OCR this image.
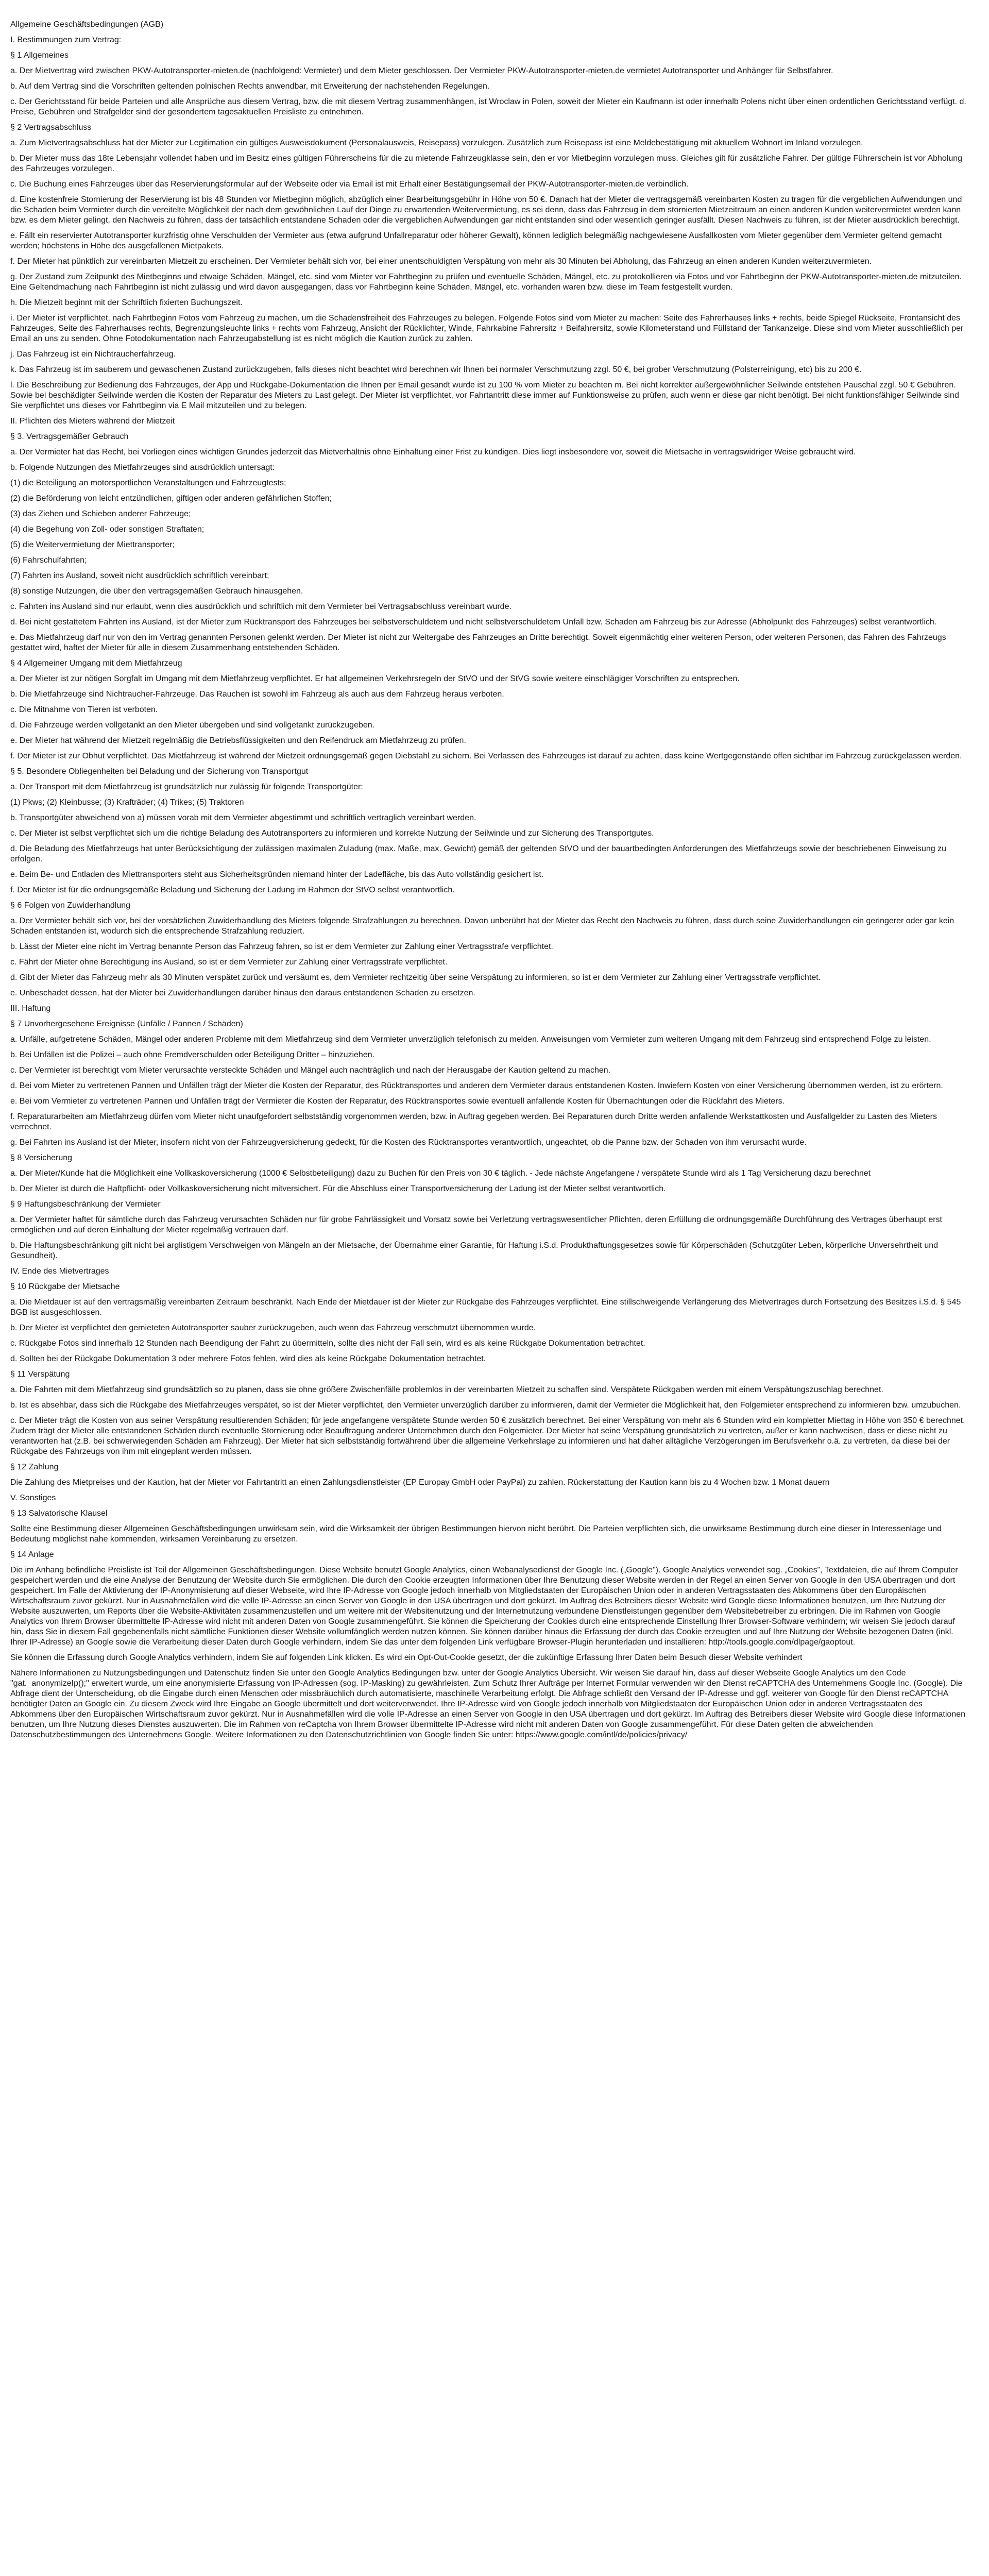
Allgemeine Geschäftsbedingungen (AGB)

I. Bestimmungen zum Vertrag:

§ 1 Allgemeines

a. Der Mietvertrag wird zwischen PKW-Autotransporter-mieten.de (nachfolgend: Vermieter) und dem Mieter geschlossen. Der Vermieter PKW-Autotransporter-mieten.de vermietet Autotransporter und Anhänger für Selbstfahrer.

b. Auf dem Vertrag sind die Vorschriften geltenden polnischen Rechts anwendbar, mit Erweiterung der nachstehenden Regelungen.

c. Der Gerichtsstand für beide Parteien und alle Ansprüche aus diesem Vertrag, bzw. die mit diesem Vertrag zusammenhängen, ist Wroclaw in Polen, soweit der Mieter ein Kaufmann ist oder innerhalb Polens nicht über einen ordentlichen Gerichtsstand verfügt. d. Preise, Gebühren und Strafgelder sind der gesondertem tagesaktuellen Preisliste zu entnehmen.

§ 2 Vertragsabschluss

a. Zum Mietvertragsabschluss hat der Mieter zur Legitimation ein gültiges Ausweisdokument (Personalausweis, Reisepass) vorzulegen. Zusätzlich zum Reisepass ist eine Meldebestätigung mit aktuellem Wohnort im Inland vorzulegen.

b. Der Mieter muss das 18te Lebensjahr vollendet haben und im Besitz eines gültigen Führerscheins für die zu mietende Fahrzeugklasse sein, den er vor Mietbeginn vorzulegen muss. Gleiches gilt für zusätzliche Fahrer. Der gültige Führerschein ist vor Abholung des Fahrzeuges vorzulegen.

c. Die Buchung eines Fahrzeuges über das Reservierungsformular auf der Webseite oder via Email ist mit Erhalt einer Bestätigungsemail der PKW-Autotransporter-mieten.de verbindlich.

d. Eine kostenfreie Stornierung der Reservierung ist bis 48 Stunden vor Mietbeginn möglich, abzüglich einer Bearbeitungsgebühr in Höhe von 50 €. Danach hat der Mieter die vertragsgemäß vereinbarten Kosten zu tragen für die vergeblichen Aufwendungen und die Schaden beim Vermieter durch die vereitelte Möglichkeit der nach dem gewöhnlichen Lauf der Dinge zu erwartenden Weitervermietung, es sei denn, dass das Fahrzeug in dem stornierten Mietzeitraum an einen anderen Kunden weitervermietet werden kann bzw. es dem Mieter gelingt, den Nachweis zu führen, dass der tatsächlich entstandene Schaden oder die vergeblichen Aufwendungen gar nicht entstanden sind oder wesentlich geringer ausfällt. Diesen Nachweis zu führen, ist der Mieter ausdrücklich berechtigt.

e. Fällt ein reservierter Autotransporter kurzfristig ohne Verschulden der Vermieter aus (etwa aufgrund Unfallreparatur oder höherer Gewalt), können lediglich belegmäßig nachgewiesene Ausfallkosten vom Mieter gegenüber dem Vermieter geltend gemacht werden; höchstens in Höhe des ausgefallenen Mietpakets.

f. Der Mieter hat pünktlich zur vereinbarten Mietzeit zu erscheinen. Der Vermieter behält sich vor, bei einer unentschuldigten Verspätung von mehr als 30 Minuten bei Abholung, das Fahrzeug an einen anderen Kunden weiterzuvermieten.

g. Der Zustand zum Zeitpunkt des Mietbeginns und etwaige Schäden, Mängel, etc. sind vom Mieter vor Fahrtbeginn zu prüfen und eventuelle Schäden, Mängel, etc. zu protokollieren via Fotos und vor Fahrtbeginn der PKW-Autotransporter-mieten.de mitzuteilen. Eine Geltendmachung nach Fahrtbeginn ist nicht zulässig und wird davon ausgegangen, dass vor Fahrtbeginn keine Schäden, Mängel, etc. vorhanden waren bzw. diese im Team festgestellt wurden.

h. Die Mietzeit beginnt mit der Schriftlich fixierten Buchungszeit.

i. Der Mieter ist verpflichtet, nach Fahrtbeginn Fotos vom Fahrzeug zu machen, um die Schadensfreiheit des Fahrzeuges zu belegen. Folgende Fotos sind vom Mieter zu machen: Seite des Fahrerhauses links + rechts, beide Spiegel Rückseite, Frontansicht des Fahrzeuges, Seite des Fahrerhauses rechts, Begrenzungsleuchte links + rechts vom Fahrzeug, Ansicht der Rücklichter, Winde, Fahrkabine Fahrersitz + Beifahrersitz, sowie Kilometerstand und Füllstand der Tankanzeige. Diese sind vom Mieter ausschließlich per Email an uns zu senden. Ohne Fotodokumentation nach Fahrzeugabstellung ist es nicht möglich die Kaution zurück zu zahlen.

j. Das Fahrzeug ist ein Nichtraucherfahrzeug.

k. Das Fahrzeug ist im sauberem und gewaschenen Zustand zurückzugeben, falls dieses nicht beachtet wird berechnen wir Ihnen bei normaler Verschmutzung zzgl. 50 €, bei grober Verschmutzung (Polsterreinigung, etc) bis zu 200 €.

l. Die Beschreibung zur Bedienung des Fahrzeuges, der App und Rückgabe-Dokumentation die Ihnen per Email gesandt wurde ist zu 100 % vom Mieter zu beachten m. Bei nicht korrekter außergewöhnlicher Seilwinde entstehen Pauschal zzgl. 50 € Gebühren. Sowie bei beschädigter Seilwinde werden die Kosten der Reparatur des Mieters zu Last gelegt. Der Mieter ist verpflichtet, vor Fahrtantritt diese immer auf Funktionsweise zu prüfen, auch wenn er diese gar nicht benötigt. Bei nicht funktionsfähiger Seilwinde sind Sie verpflichtet uns dieses vor Fahrtbeginn via E Mail mitzuteilen und zu belegen.

II. Pflichten des Mieters während der Mietzeit

§ 3. Vertragsgemäßer Gebrauch

a. Der Vermieter hat das Recht, bei Vorliegen eines wichtigen Grundes jederzeit das Mietverhältnis ohne Einhaltung einer Frist zu kündigen. Dies liegt insbesondere vor, soweit die Mietsache in vertragswidriger Weise gebraucht wird.

b. Folgende Nutzungen des Mietfahrzeuges sind ausdrücklich untersagt:

(1) die Beteiligung an motorsportlichen Veranstaltungen und Fahrzeugtests;

(2) die Beförderung von leicht entzündlichen, giftigen oder anderen gefährlichen Stoffen;

(3) das Ziehen und Schieben anderer Fahrzeuge;

(4) die Begehung von Zoll- oder sonstigen Straftaten;

(5) die Weitervermietung der Miettransporter;

(6) Fahrschulfahrten;

(7) Fahrten ins Ausland, soweit nicht ausdrücklich schriftlich vereinbart;

(8) sonstige Nutzungen, die über den vertragsgemäßen Gebrauch hinausgehen.

c. Fahrten ins Ausland sind nur erlaubt, wenn dies ausdrücklich und schriftlich mit dem Vermieter bei Vertragsabschluss vereinbart wurde.

d. Bei nicht gestattetem Fahrten ins Ausland, ist der Mieter zum Rücktransport des Fahrzeuges bei selbstverschuldetem und nicht selbstverschuldetem Unfall bzw. Schaden am Fahrzeug bis zur Adresse (Abholpunkt des Fahrzeuges) selbst verantwortlich.

e. Das Mietfahrzeug darf nur von den im Vertrag genannten Personen gelenkt werden. Der Mieter ist nicht zur Weitergabe des Fahrzeuges an Dritte berechtigt. Soweit eigenmächtig einer weiteren Person, oder weiteren Personen, das Fahren des Fahrzeugs gestattet wird, haftet der Mieter für alle in diesem Zusammenhang entstehenden Schäden.

§ 4 Allgemeiner Umgang mit dem Mietfahrzeug

a. Der Mieter ist zur nötigen Sorgfalt im Umgang mit dem Mietfahrzeug verpflichtet. Er hat allgemeinen Verkehrsregeln der StVO und der StVG sowie weitere einschlägiger Vorschriften zu entsprechen.

b. Die Mietfahrzeuge sind Nichtraucher-Fahrzeuge. Das Rauchen ist sowohl im Fahrzeug als auch aus dem Fahrzeug heraus verboten.

c. Die Mitnahme von Tieren ist verboten.

d. Die Fahrzeuge werden vollgetankt an den Mieter übergeben und sind vollgetankt zurückzugeben.

e. Der Mieter hat während der Mietzeit regelmäßig die Betriebsflüssigkeiten und den Reifendruck am Mietfahrzeug zu prüfen.

f. Der Mieter ist zur Obhut verpflichtet. Das Mietfahrzeug ist während der Mietzeit ordnungsgemäß gegen Diebstahl zu sichern. Bei Verlassen des Fahrzeuges ist darauf zu achten, dass keine Wertgegenstände offen sichtbar im Fahrzeug zurückgelassen werden.

§ 5. Besondere Obliegenheiten bei Beladung und der Sicherung von Transportgut

a. Der Transport mit dem Mietfahrzeug ist grundsätzlich nur zulässig für folgende Transportgüter:

(1) Pkws; (2) Kleinbusse; (3) Krafträder; (4) Trikes; (5) Traktoren

b. Transportgüter abweichend von a) müssen vorab mit dem Vermieter abgestimmt und schriftlich vertraglich vereinbart werden.

c. Der Mieter ist selbst verpflichtet sich um die richtige Beladung des Autotransporters zu informieren und korrekte Nutzung der Seilwinde und zur Sicherung des Transportgutes.

d. Die Beladung des Mietfahrzeugs hat unter Berücksichtigung der zulässigen maximalen Zuladung (max. Maße, max. Gewicht) gemäß der geltenden StVO und der bauartbedingten Anforderungen des Mietfahrzeugs sowie der beschriebenen Einweisung zu erfolgen.

e. Beim Be- und Entladen des Miettransporters steht aus Sicherheitsgründen niemand hinter der Ladefläche, bis das Auto vollständig gesichert ist.

f. Der Mieter ist für die ordnungsgemäße Beladung und Sicherung der Ladung im Rahmen der StVO selbst verantwortlich.

§ 6 Folgen von Zuwiderhandlung

a. Der Vermieter behält sich vor, bei der vorsätzlichen Zuwiderhandlung des Mieters folgende Strafzahlungen zu berechnen. Davon unberührt hat der Mieter das Recht den Nachweis zu führen, dass durch seine Zuwiderhandlungen ein geringerer oder gar kein Schaden entstanden ist, wodurch sich die entsprechende Strafzahlung reduziert.

b. Lässt der Mieter eine nicht im Vertrag benannte Person das Fahrzeug fahren, so ist er dem Vermieter zur Zahlung einer Vertragsstrafe verpflichtet.

c. Fährt der Mieter ohne Berechtigung ins Ausland, so ist er dem Vermieter zur Zahlung einer Vertragsstrafe verpflichtet.

d. Gibt der Mieter das Fahrzeug mehr als 30 Minuten verspätet zurück und versäumt es, dem Vermieter rechtzeitig über seine Verspätung zu informieren, so ist er dem Vermieter zur Zahlung einer Vertragsstrafe verpflichtet.

e. Unbeschadet dessen, hat der Mieter bei Zuwiderhandlungen darüber hinaus den daraus entstandenen Schaden zu ersetzen.

III. Haftung

§ 7 Unvorhergesehene Ereignisse (Unfälle / Pannen / Schäden)

a. Unfälle, aufgetretene Schäden, Mängel oder anderen Probleme mit dem Mietfahrzeug sind dem Vermieter unverzüglich telefonisch zu melden. Anweisungen vom Vermieter zum weiteren Umgang mit dem Fahrzeug sind entsprechend Folge zu leisten.

b. Bei Unfällen ist die Polizei – auch ohne Fremdverschulden oder Beteiligung Dritter – hinzuziehen.

c. Der Vermieter ist berechtigt vom Mieter verursachte versteckte Schäden und Mängel auch nachträglich und nach der Herausgabe der Kaution geltend zu machen.

d. Bei vom Mieter zu vertretenen Pannen und Unfällen trägt der Mieter die Kosten der Reparatur, des Rücktransportes und anderen dem Vermieter daraus entstandenen Kosten. Inwiefern Kosten von einer Versicherung übernommen werden, ist zu erörtern.

e. Bei vom Vermieter zu vertretenen Pannen und Unfällen trägt der Vermieter die Kosten der Reparatur, des Rücktransportes sowie eventuell anfallende Kosten für Übernachtungen oder die Rückfahrt des Mieters.

f. Reparaturarbeiten am Mietfahrzeug dürfen vom Mieter nicht unaufgefordert selbstständig vorgenommen werden, bzw. in Auftrag gegeben werden. Bei Reparaturen durch Dritte werden anfallende Werkstattkosten und Ausfallgelder zu Lasten des Mieters verrechnet.

g. Bei Fahrten ins Ausland ist der Mieter, insofern nicht von der Fahrzeugversicherung gedeckt, für die Kosten des Rücktransportes verantwortlich, ungeachtet, ob die Panne bzw. der Schaden von ihm verursacht wurde.

§ 8 Versicherung

a. Der Mieter/Kunde hat die Möglichkeit eine Vollkaskoversicherung (1000 € Selbstbeteiligung) dazu zu Buchen für den Preis von 30 € täglich. - Jede nächste Angefangene / verspätete Stunde wird als 1 Tag Versicherung dazu berechnet

b. Der Mieter ist durch die Haftpflicht- oder Vollkaskoversicherung nicht mitversichert. Für die Abschluss einer Transportversicherung der Ladung ist der Mieter selbst verantwortlich.

§ 9 Haftungsbeschränkung der Vermieter

a. Der Vermieter haftet für sämtliche durch das Fahrzeug verursachten Schäden nur für grobe Fahrlässigkeit und Vorsatz sowie bei Verletzung vertragswesentlicher Pflichten, deren Erfüllung die ordnungsgemäße Durchführung des Vertrages überhaupt erst ermöglichen und auf deren Einhaltung der Mieter regelmäßig vertrauen darf.

b. Die Haftungsbeschränkung gilt nicht bei arglistigem Verschweigen von Mängeln an der Mietsache, der Übernahme einer Garantie, für Haftung i.S.d. Produkthaftungsgesetzes sowie für Körperschäden (Schutzgüter Leben, körperliche Unversehrtheit und Gesundheit).

IV. Ende des Mietvertrages

§ 10 Rückgabe der Mietsache

a. Die Mietdauer ist auf den vertragsmäßig vereinbarten Zeitraum beschränkt. Nach Ende der Mietdauer ist der Mieter zur Rückgabe des Fahrzeuges verpflichtet. Eine stillschweigende Verlängerung des Mietvertrages durch Fortsetzung des Besitzes i.S.d. § 545 BGB ist ausgeschlossen.

b. Der Mieter ist verpflichtet den gemieteten Autotransporter sauber zurückzugeben, auch wenn das Fahrzeug verschmutzt übernommen wurde.

c. Rückgabe Fotos sind innerhalb 12 Stunden nach Beendigung der Fahrt zu übermitteln, sollte dies nicht der Fall sein, wird es als keine Rückgabe Dokumentation betrachtet.

d. Sollten bei der Rückgabe Dokumentation 3 oder mehrere Fotos fehlen, wird dies als keine Rückgabe Dokumentation betrachtet.

§ 11 Verspätung

a. Die Fahrten mit dem Mietfahrzeug sind grundsätzlich so zu planen, dass sie ohne größere Zwischenfälle problemlos in der vereinbarten Mietzeit zu schaffen sind. Verspätete Rückgaben werden mit einem Verspätungszuschlag berechnet.

b. Ist es absehbar, dass sich die Rückgabe des Mietfahrzeuges verspätet, so ist der Mieter verpflichtet, den Vermieter unverzüglich darüber zu informieren, damit der Vermieter die Möglichkeit hat, den Folgemieter entsprechend zu informieren bzw. umzubuchen.

c. Der Mieter trägt die Kosten von aus seiner Verspätung resultierenden Schäden; für jede angefangene verspätete Stunde werden 50 € zusätzlich berechnet. Bei einer Verspätung von mehr als 6 Stunden wird ein kompletter Miettag in Höhe von 350 € berechnet. Zudem trägt der Mieter alle entstandenen Schäden durch eventuelle Stornierung oder Beauftragung anderer Unternehmen durch den Folgemieter. Der Mieter hat seine Verspätung grundsätzlich zu vertreten, außer er kann nachweisen, dass er diese nicht zu verantworten hat (z.B. bei schwerwiegenden Schäden am Fahrzeug). Der Mieter hat sich selbstständig fortwährend über die allgemeine Verkehrslage zu informieren und hat daher alltägliche Verzögerungen im Berufsverkehr o.ä. zu vertreten, da diese bei der Rückgabe des Fahrzeugs von ihm mit eingeplant werden müssen.

§ 12 Zahlung

Die Zahlung des Mietpreises und der Kaution, hat der Mieter vor Fahrtantritt an einen Zahlungsdienstleister (EP Europay GmbH oder PayPal) zu zahlen. Rückerstattung der Kaution kann bis zu 4 Wochen bzw. 1 Monat dauern

V. Sonstiges

§ 13 Salvatorische Klausel

Sollte eine Bestimmung dieser Allgemeinen Geschäftsbedingungen unwirksam sein, wird die Wirksamkeit der übrigen Bestimmungen hiervon nicht berührt. Die Parteien verpflichten sich, die unwirksame Bestimmung durch eine dieser in Interessenlage und Bedeutung möglichst nahe kommenden, wirksamen Vereinbarung zu ersetzen.

§ 14 Anlage

Die im Anhang befindliche Preisliste ist Teil der Allgemeinen Geschäftsbedingungen. Diese Website benutzt Google Analytics, einen Webanalysedienst der Google Inc. („Google"). Google Analytics verwendet sog. „Cookies", Textdateien, die auf Ihrem Computer gespeichert werden und die eine Analyse der Benutzung der Website durch Sie ermöglichen. Die durch den Cookie erzeugten Informationen über Ihre Benutzung dieser Website werden in der Regel an einen Server von Google in den USA übertragen und dort gespeichert. Im Falle der Aktivierung der IP-Anonymisierung auf dieser Webseite, wird Ihre IP-Adresse von Google jedoch innerhalb von Mitgliedstaaten der Europäischen Union oder in anderen Vertragsstaaten des Abkommens über den Europäischen Wirtschaftsraum zuvor gekürzt. Nur in Ausnahmefällen wird die volle IP-Adresse an einen Server von Google in den USA übertragen und dort gekürzt. Im Auftrag des Betreibers dieser Website wird Google diese Informationen benutzen, um Ihre Nutzung der Website auszuwerten, um Reports über die Website-Aktivitäten zusammenzustellen und um weitere mit der Websitenutzung und der Internetnutzung verbundene Dienstleistungen gegenüber dem Websitebetreiber zu erbringen. Die im Rahmen von Google Analytics von Ihrem Browser übermittelte IP-Adresse wird nicht mit anderen Daten von Google zusammengeführt. Sie können die Speicherung der Cookies durch eine entsprechende Einstellung Ihrer Browser-Software verhindern; wir weisen Sie jedoch darauf hin, dass Sie in diesem Fall gegebenenfalls nicht sämtliche Funktionen dieser Website vollumfänglich werden nutzen können. Sie können darüber hinaus die Erfassung der durch das Cookie erzeugten und auf Ihre Nutzung der Website bezogenen Daten (inkl. Ihrer IP-Adresse) an Google sowie die Verarbeitung dieser Daten durch Google verhindern, indem Sie das unter dem folgenden Link verfügbare Browser-Plugin herunterladen und installieren: http://tools.google.com/dlpage/gaoptout.

Sie können die Erfassung durch Google Analytics verhindern, indem Sie auf folgenden Link klicken. Es wird ein Opt-Out-Cookie gesetzt, der die zukünftige Erfassung Ihrer Daten beim Besuch dieser Website verhindert

Nähere Informationen zu Nutzungsbedingungen und Datenschutz finden Sie unter den Google Analytics Bedingungen bzw. unter der Google Analytics Übersicht. Wir weisen Sie darauf hin, dass auf dieser Webseite Google Analytics um den Code "gat._anonymizeIp();" erweitert wurde, um eine anonymisierte Erfassung von IP-Adressen (sog. IP-Masking) zu gewährleisten. Zum Schutz Ihrer Aufträge per Internet Formular verwenden wir den Dienst reCAPTCHA des Unternehmens Google Inc. (Google). Die Abfrage dient der Unterscheidung, ob die Eingabe durch einen Menschen oder missbräuchlich durch automatisierte, maschinelle Verarbeitung erfolgt. Die Abfrage schließt den Versand der IP-Adresse und ggf. weiterer von Google für den Dienst reCAPTCHA benötigter Daten an Google ein. Zu diesem Zweck wird Ihre Eingabe an Google übermittelt und dort weiterverwendet. Ihre IP-Adresse wird von Google jedoch innerhalb von Mitgliedstaaten der Europäischen Union oder in anderen Vertragsstaaten des Abkommens über den Europäischen Wirtschaftsraum zuvor gekürzt. Nur in Ausnahmefällen wird die volle IP-Adresse an einen Server von Google in den USA übertragen und dort gekürzt. Im Auftrag des Betreibers dieser Website wird Google diese Informationen benutzen, um Ihre Nutzung dieses Dienstes auszuwerten. Die im Rahmen von reCaptcha von Ihrem Browser übermittelte IP-Adresse wird nicht mit anderen Daten von Google zusammengeführt. Für diese Daten gelten die abweichenden Datenschutzbestimmungen des Unternehmens Google. Weitere Informationen zu den Datenschutzrichtlinien von Google finden Sie unter: https://www.google.com/intl/de/policies/privacy/
